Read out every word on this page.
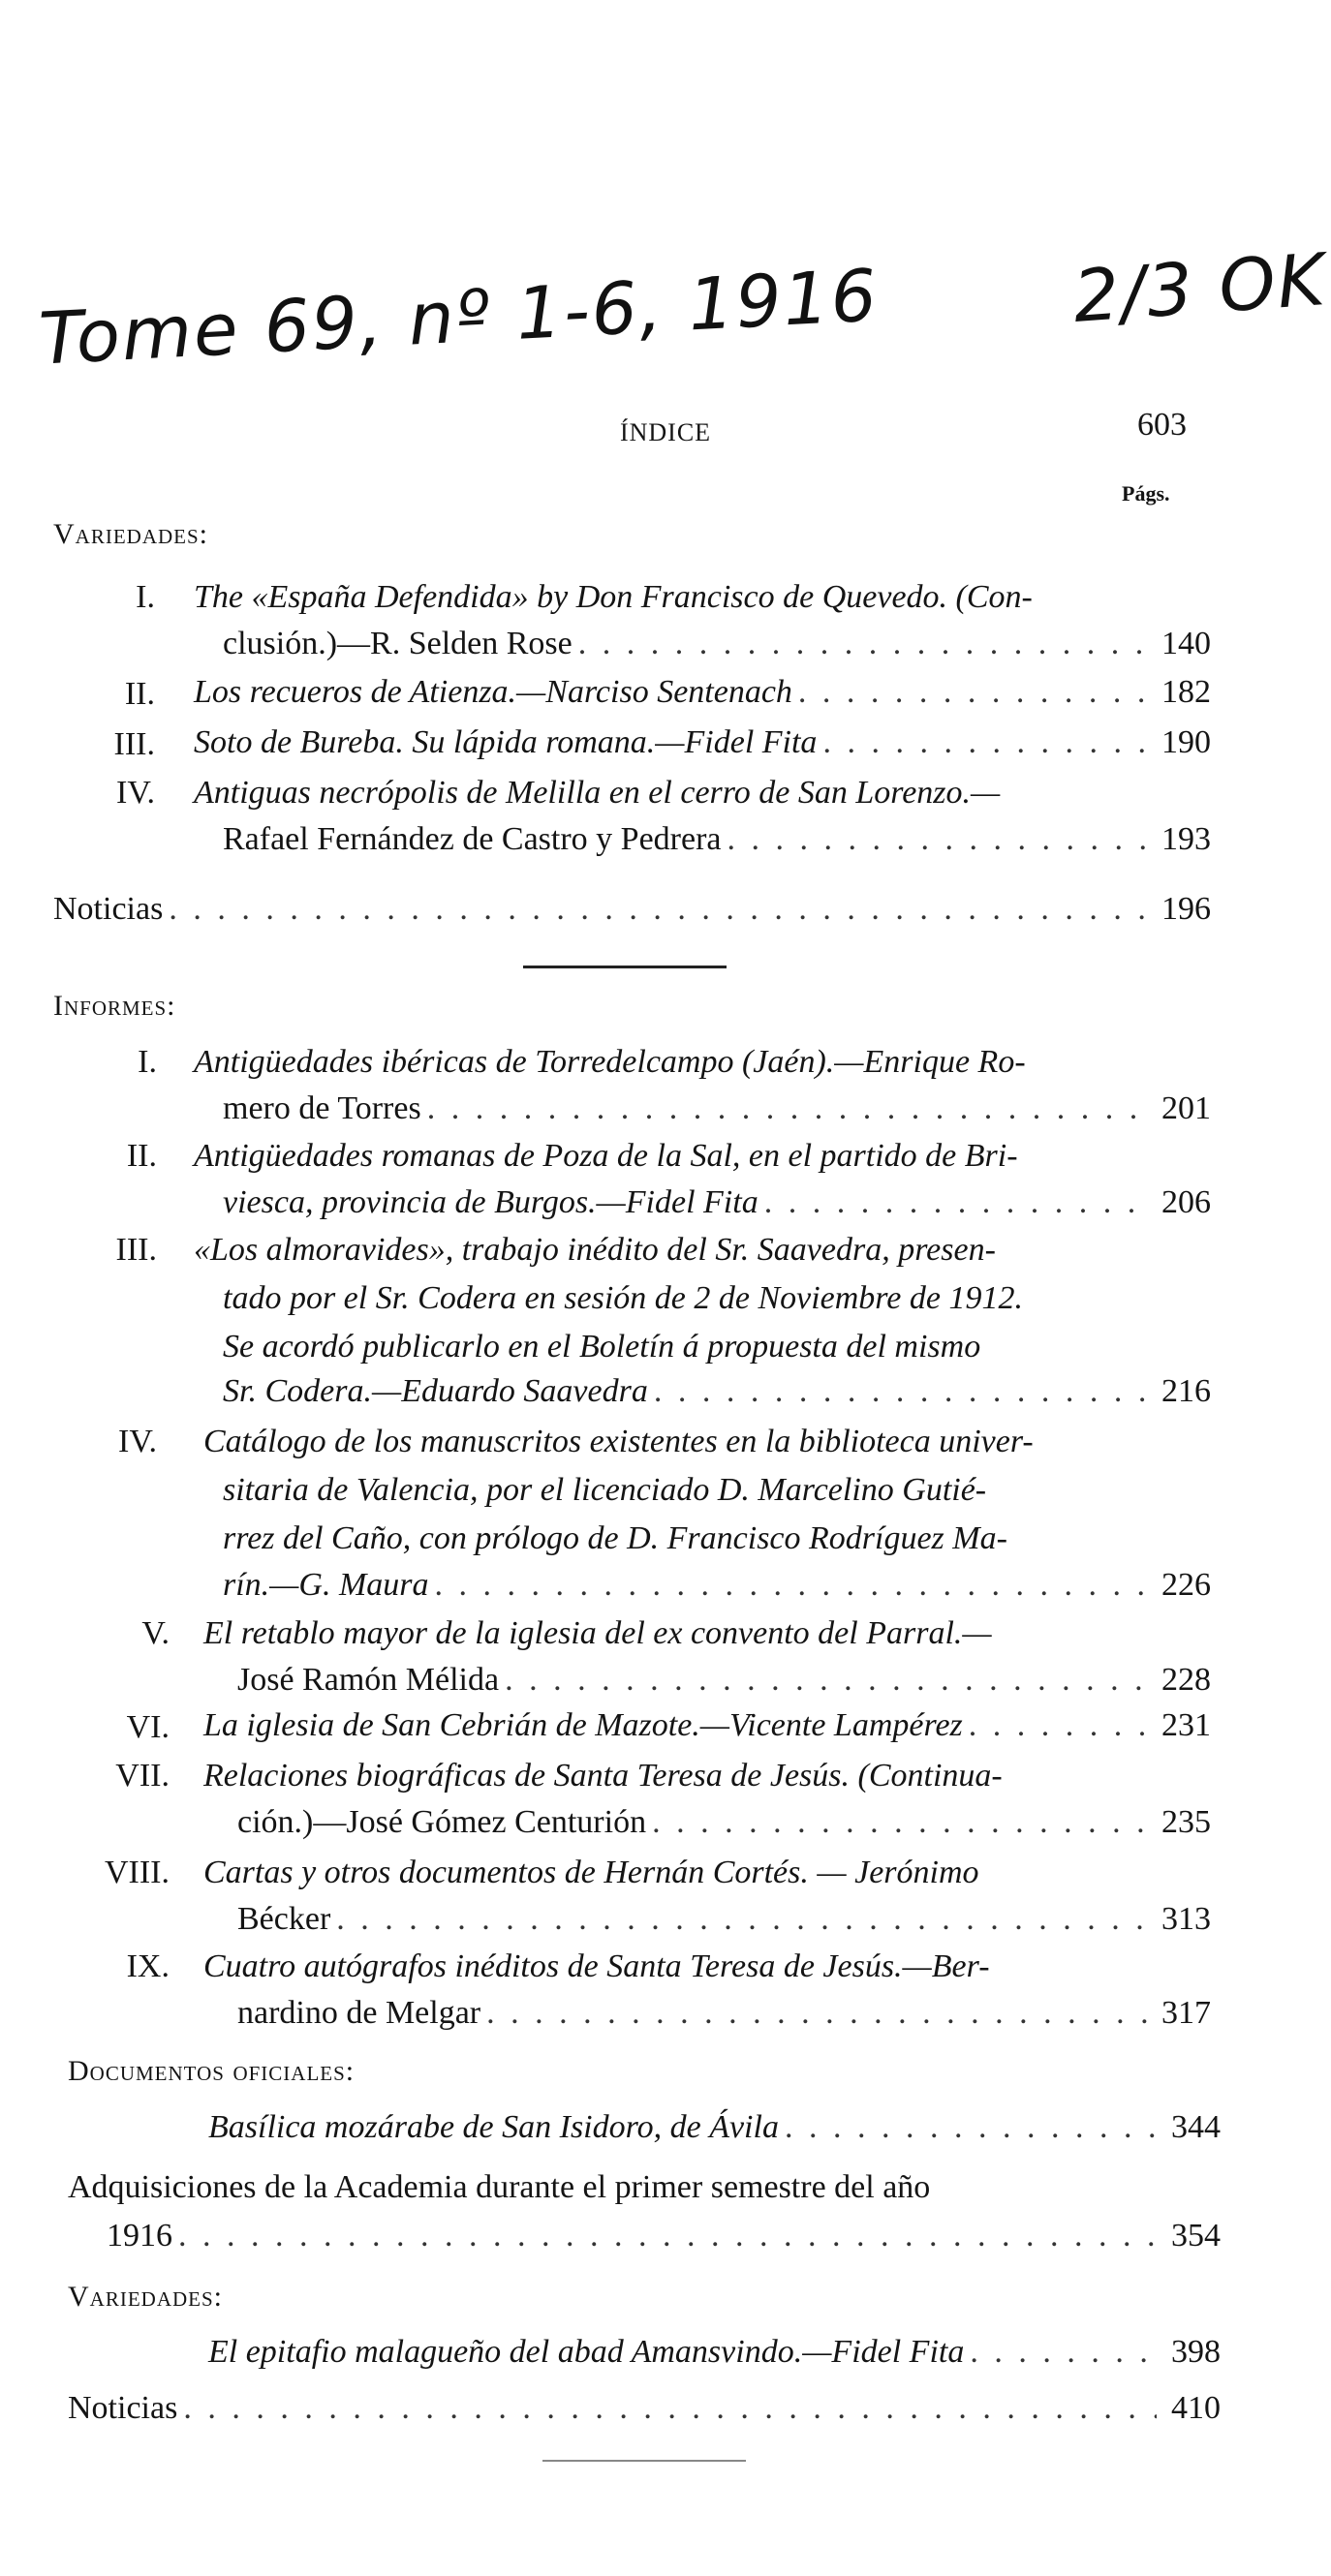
Tome 69, nº 1-6, 1916	2/3 OK
ÍNDICE	603
Págs.
Variedades:
I. The «España Defendida» by Don Francisco de Quevedo. (Con-
clusión.)—R. Selden Rose . . .	140
II. Los recueros de Atienza.—Narciso Sentenach . . .	182
III. Soto de Bureba. Su lápida romana.—Fidel Fita . . .	190
IV. Antiguas necrópolis de Melilla en el cerro de San Lorenzo.—
Rafael Fernández de Castro y Pedrera . . .	193
Noticias . . .	196
Informes:
I. Antigüedades ibéricas de Torredelcampo (Jaén).—Enrique Ro-
mero de Torres . . .	201
II. Antigüedades romanas de Poza de la Sal, en el partido de Bri-
viesca, provincia de Burgos.—Fidel Fita . . .	206
III. «Los almoravides», trabajo inédito del Sr. Saavedra, presen-
tado por el Sr. Codera en sesión de 2 de Noviembre de 1912.
Se acordó publicarlo en el Boletín á propuesta del mismo
Sr. Codera.—Eduardo Saavedra . . .	216
IV. Catálogo de los manuscritos existentes en la biblioteca univer-
sitaria de Valencia, por el licenciado D. Marcelino Gutié-
rrez del Caño, con prólogo de D. Francisco Rodríguez Ma-
rín.—G. Maura . . .	226
V. El retablo mayor de la iglesia del ex convento del Parral.—
José Ramón Mélida . . .	228
VI. La iglesia de San Cebrián de Mazote.—Vicente Lampérez . . .	231
VII. Relaciones biográficas de Santa Teresa de Jesús. (Continua-
ción.)—José Gómez Centurión . . .	235
VIII. Cartas y otros documentos de Hernán Cortés. — Jerónimo
Bécker . . .	313
IX. Cuatro autógrafos inéditos de Santa Teresa de Jesús.—Ber-
nardino de Melgar . . .	317
Documentos oficiales:
Basílica mozárabe de San Isidoro, de Ávila . . .	344
Adquisiciones de la Academia durante el primer semestre del año
1916 . . .	354
Variedades:
El epitafio malagueño del abad Amansvindo.—Fidel Fita . . .	398
Noticias . . .	410
